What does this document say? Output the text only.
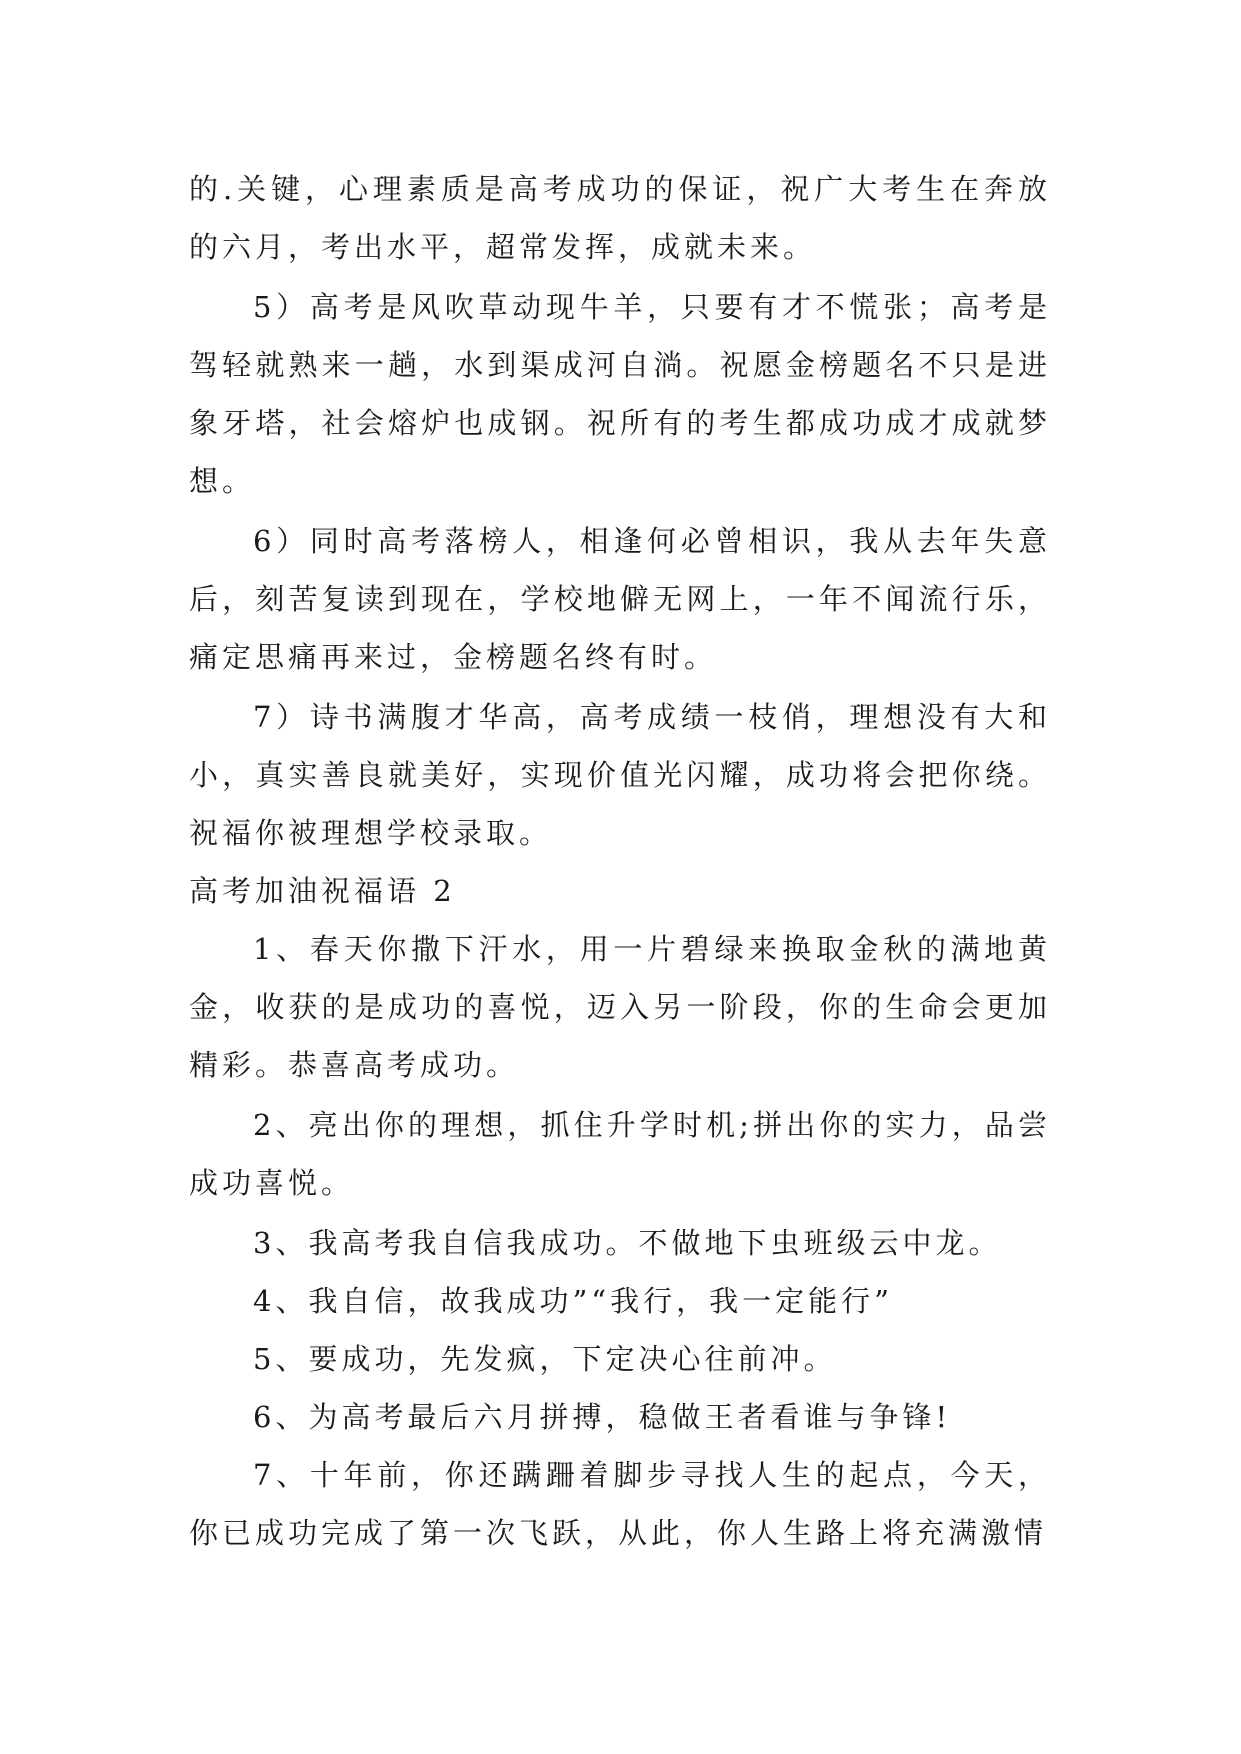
的.关键，心理素质是高考成功的保证，祝广大考生在奔放的六月，考出水平，超常发挥，成就未来。

5）高考是风吹草动现牛羊，只要有才不慌张；高考是驾轻就熟来一趟，水到渠成河自淌。祝愿金榜题名不只是进象牙塔，社会熔炉也成钢。祝所有的考生都成功成才成就梦想。

6）同时高考落榜人，相逢何必曾相识，我从去年失意后，刻苦复读到现在，学校地僻无网上，一年不闻流行乐，痛定思痛再来过，金榜题名终有时。

7）诗书满腹才华高，高考成绩一枝俏，理想没有大和小，真实善良就美好，实现价值光闪耀，成功将会把你绕。祝福你被理想学校录取。

高考加油祝福语 2

1、春天你撒下汗水，用一片碧绿来换取金秋的满地黄金，收获的是成功的喜悦，迈入另一阶段，你的生命会更加精彩。恭喜高考成功。

2、亮出你的理想，抓住升学时机;拼出你的实力，品尝成功喜悦。

3、我高考我自信我成功。不做地下虫班级云中龙。

4、我自信，故我成功”“我行，我一定能行”

5、要成功，先发疯，下定决心往前冲。

6、为高考最后六月拼搏，稳做王者看谁与争锋!

7、十年前，你还蹒跚着脚步寻找人生的起点，今天，你已成功完成了第一次飞跃，从此，你人生路上将充满激情
